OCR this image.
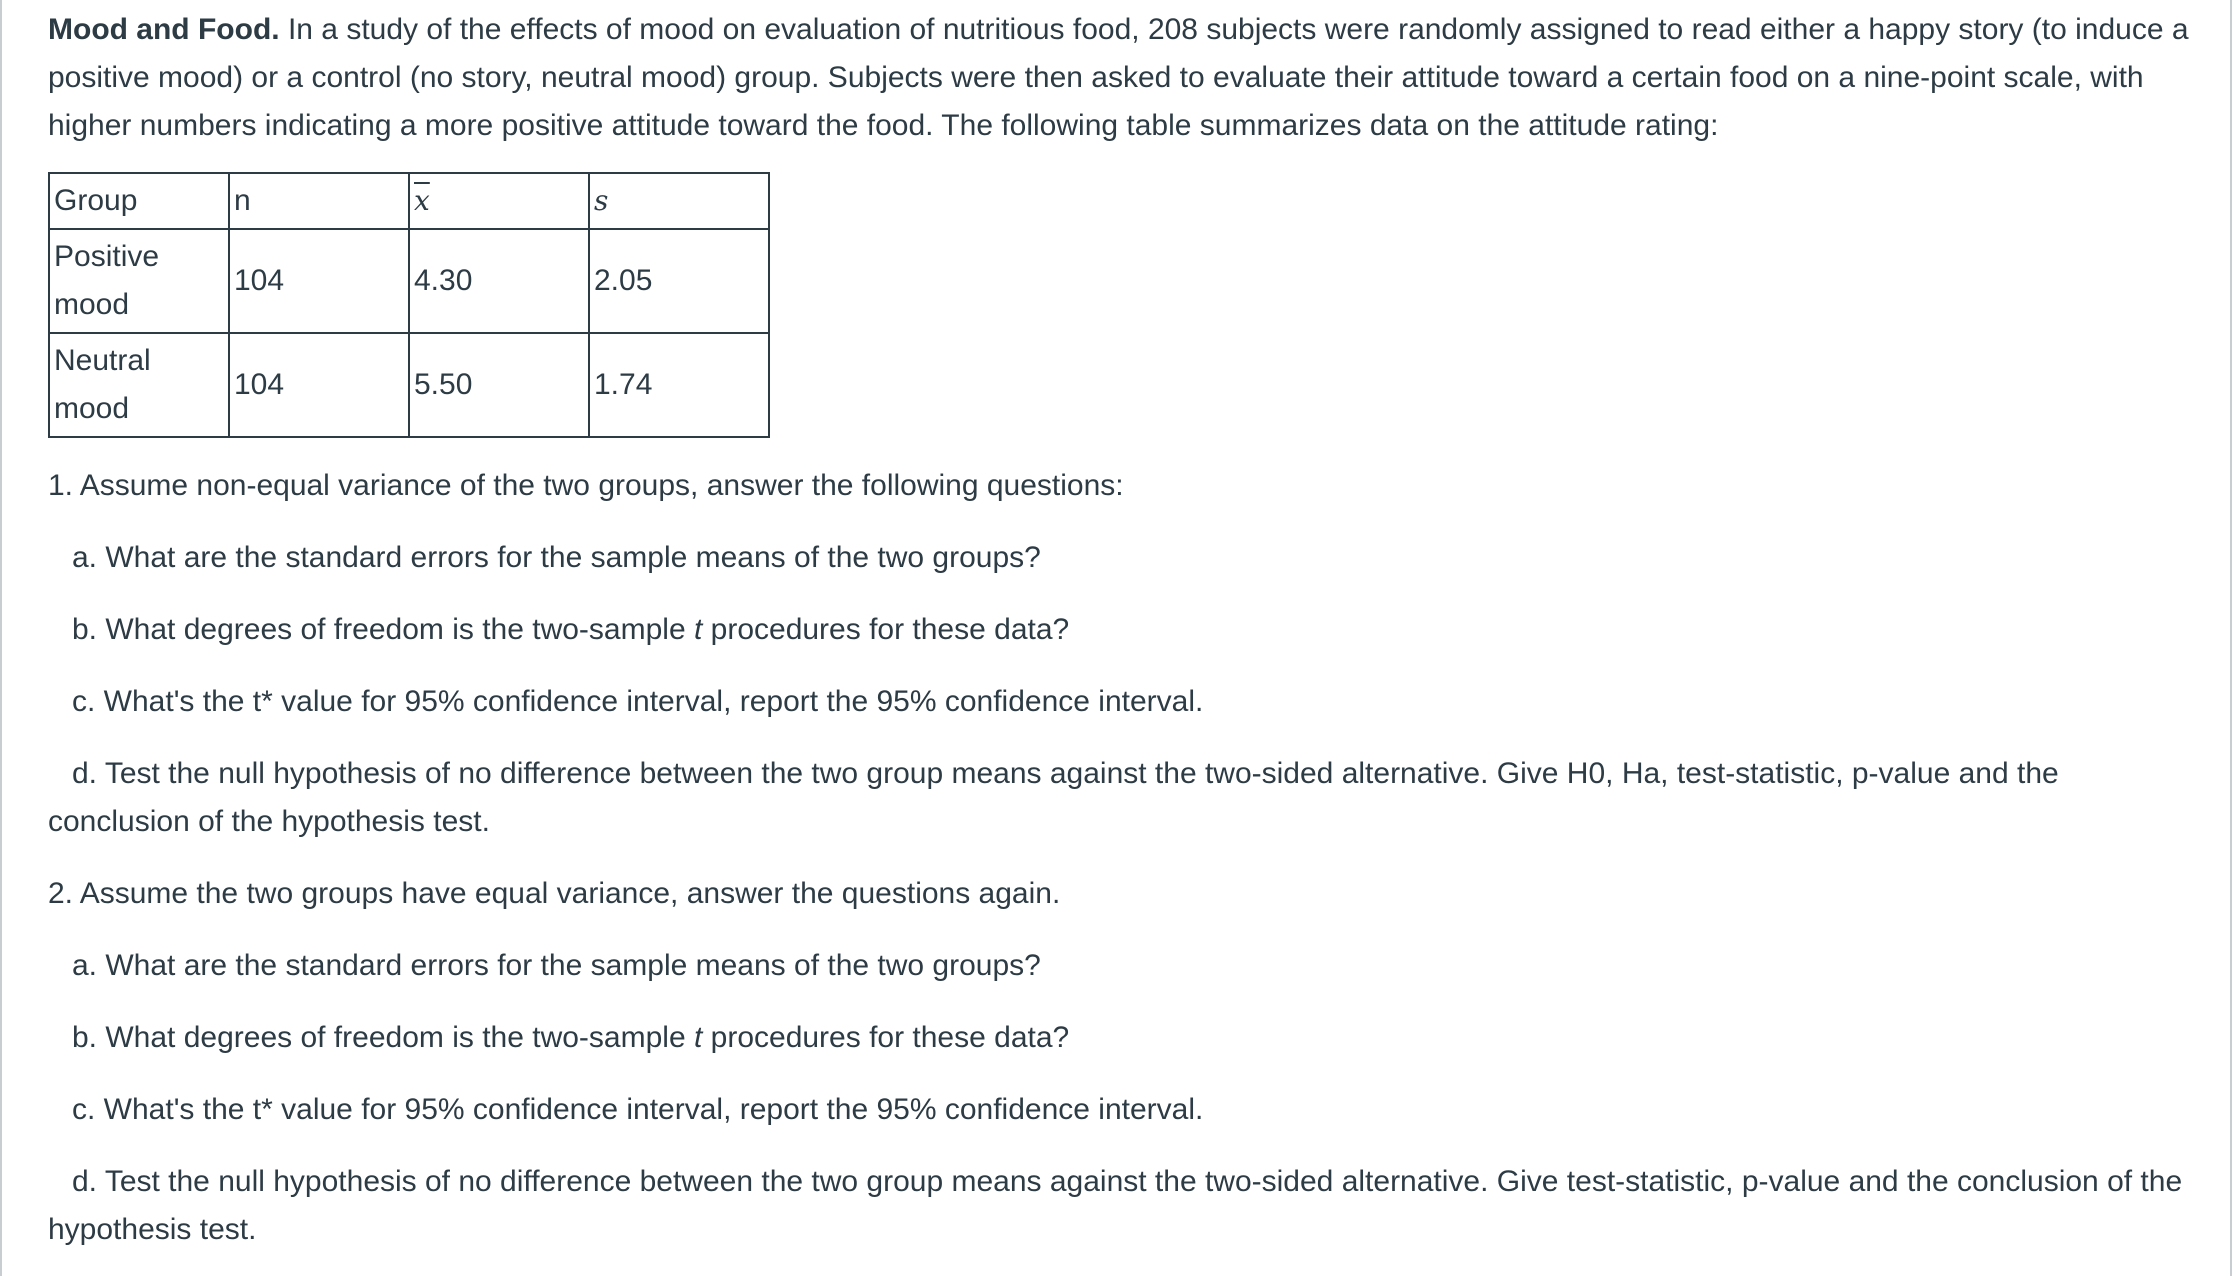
Mood and Food. In a study of the effects of mood on evaluation of nutritious food, 208 subjects were randomly assigned to read either a happy story (to induce a positive mood) or a control (no story, neutral mood) group. Subjects were then asked to evaluate their attitude toward a certain food on a nine-point scale, with higher numbers indicating a more positive attitude toward the food. The following table summarizes data on the attitude rating:

Group	n	$\overline{x}$	s
Positive mood	104	4.30	2.05
Neutral mood	104	5.50	1.74

1. Assume non-equal variance of the two groups, answer the following questions:

a. What are the standard errors for the sample means of the two groups?

b. What degrees of freedom is the two-sample t procedures for these data?

c. What's the t* value for 95% confidence interval, report the 95% confidence interval.

d. Test the null hypothesis of no difference between the two group means against the two-sided alternative. Give H0, Ha, test-statistic, p-value and the conclusion of the hypothesis test.

2. Assume the two groups have equal variance, answer the questions again.

a. What are the standard errors for the sample means of the two groups?

b. What degrees of freedom is the two-sample t procedures for these data?

c. What's the t* value for 95% confidence interval, report the 95% confidence interval.

d. Test the null hypothesis of no difference between the two group means against the two-sided alternative. Give test-statistic, p-value and the conclusion of the hypothesis test.
